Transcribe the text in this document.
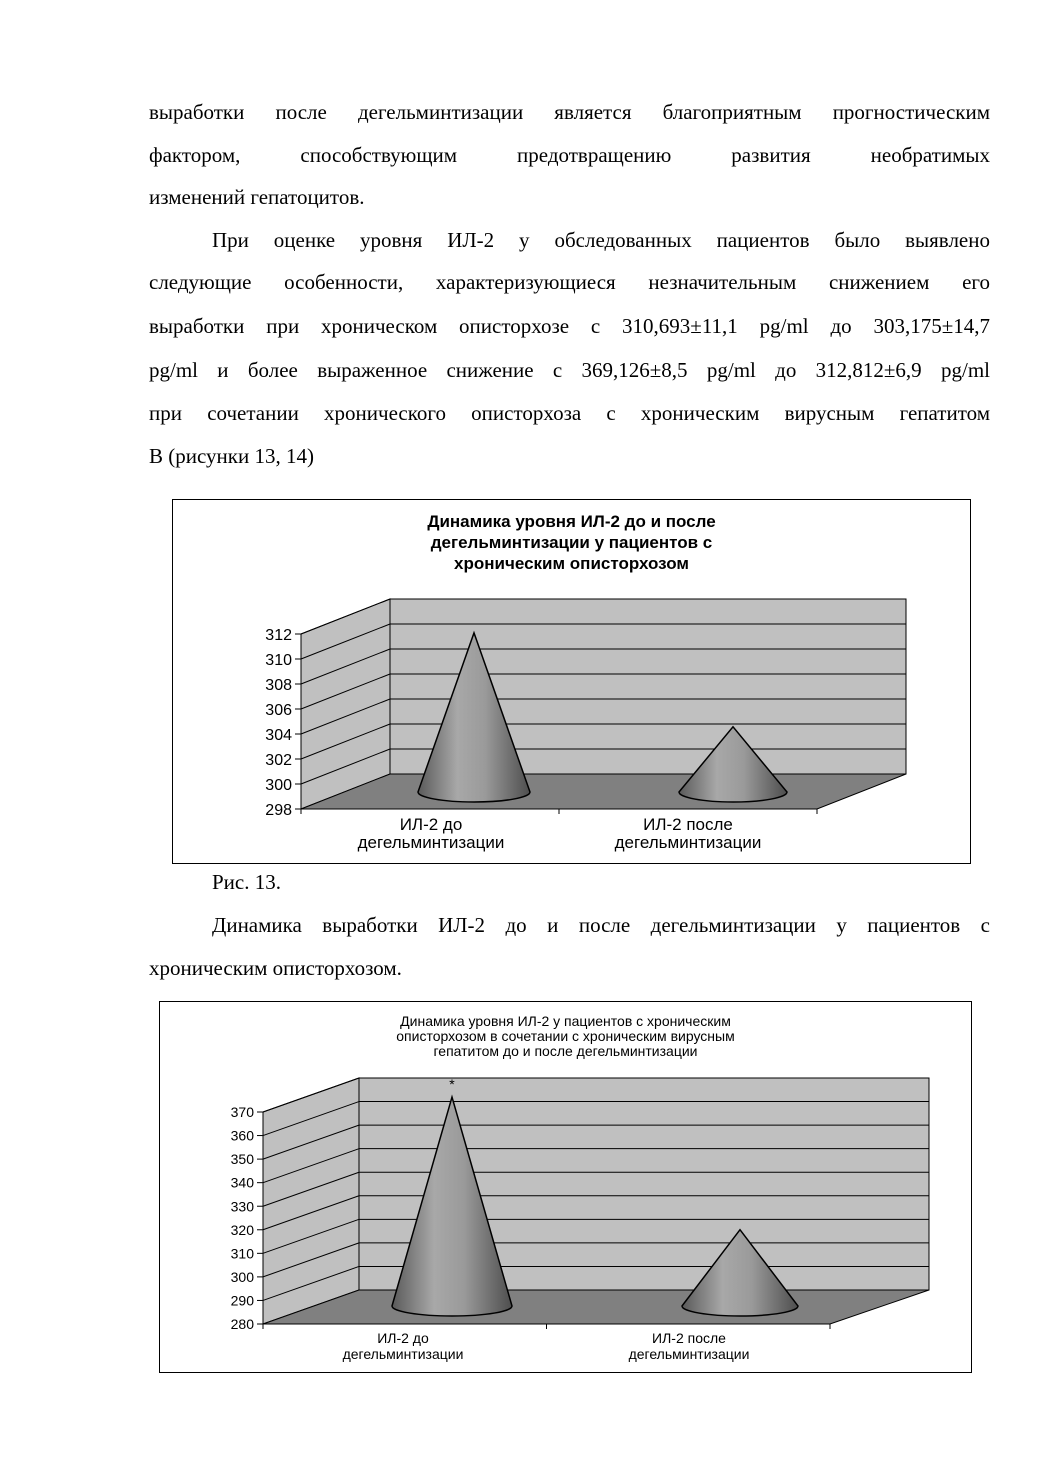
выработки после дегельминтизации является благоприятным прогностическим
фактором, способствующим предотвращению развития необратимых
изменений гепатоцитов.
При оценке уровня ИЛ-2 у обследованных пациентов было выявлено
следующие особенности, характеризующиеся незначительным снижением его
выработки при хроническом описторхозе с 310,693±11,1 pg/ml до 303,175±14,7
pg/ml и более выраженное снижение с 369,126±8,5 pg/ml до 312,812±6,9 pg/ml
при сочетании хронического описторхоза с хроническим вирусным гепатитом
В (рисунки 13, 14)
Динамика уровня ИЛ-2 до и после
дегельминтизации у пациентов с
хроническим описторхозом
298
300
302
304
306
308
310
312
ИЛ-2 до
дегельминтизации
ИЛ-2 после
дегельминтизации
Рис. 13.
Динамика выработки ИЛ-2 до и после дегельминтизации у пациентов с
хроническим описторхозом.
Динамика уровня ИЛ-2 у пациентов с хроническим
описторхозом в сочетании с хроническим вирусным
гепатитом до и после дегельминтизации
280
290
300
310
320
330
340
350
360
370
*
ИЛ-2 до
дегельминтизации
ИЛ-2 после
дегельминтизации
